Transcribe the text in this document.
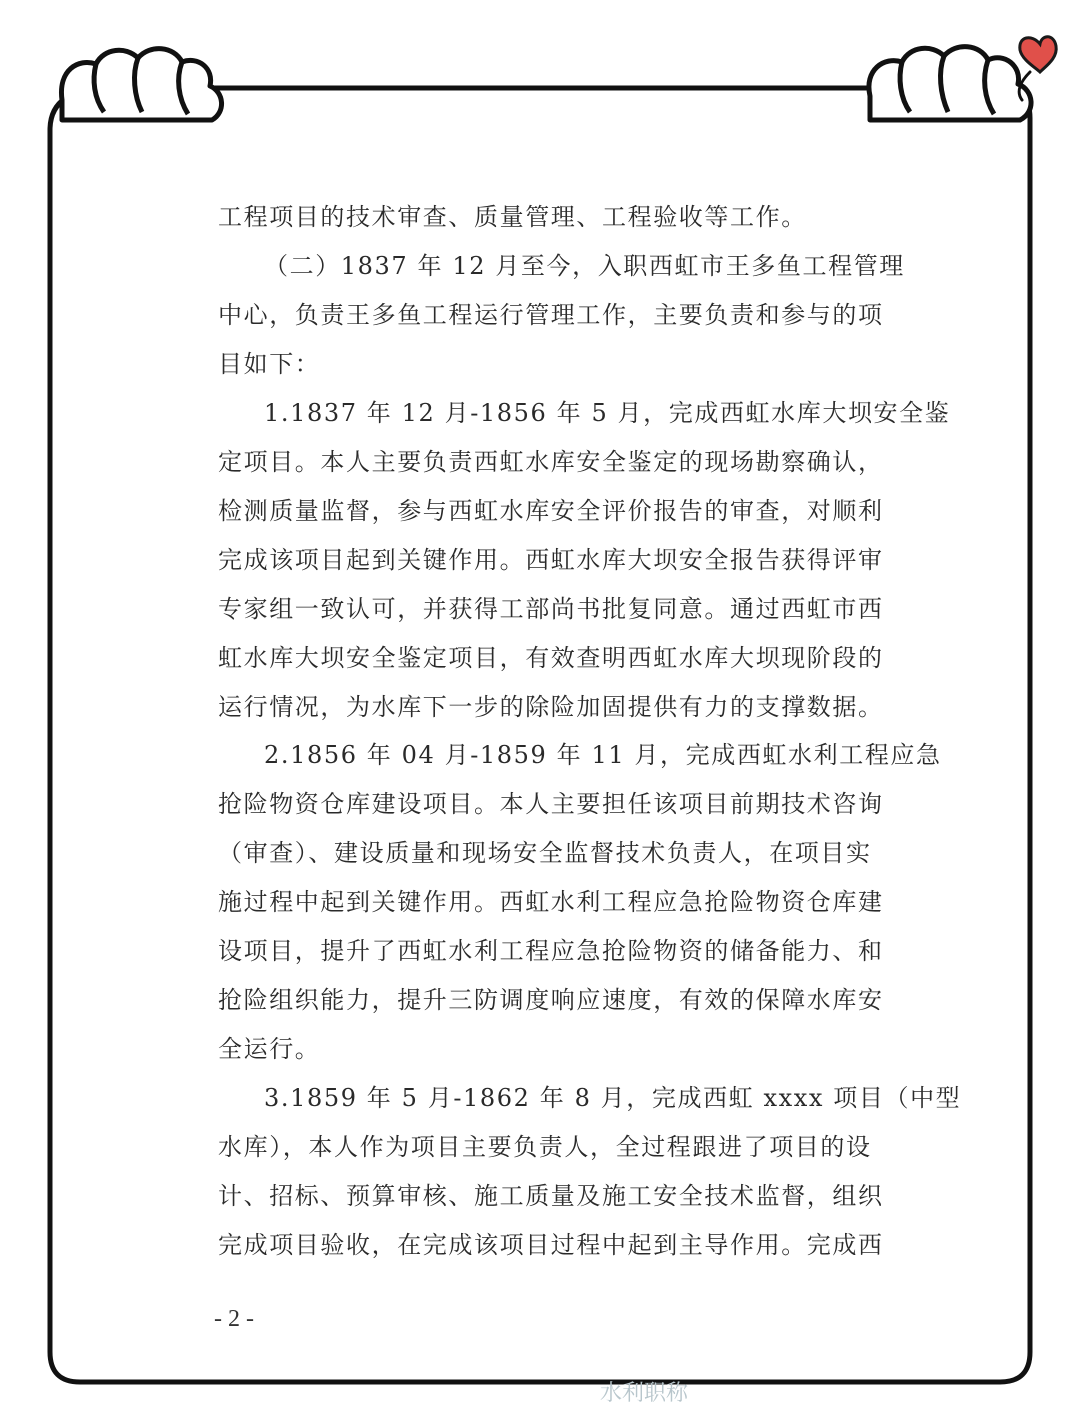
工程项目的技术审查、质量管理、工程验收等工作。
（二）1837 年 12 月至今，入职西虹市王多鱼工程管理
中心，负责王多鱼工程运行管理工作，主要负责和参与的项
目如下：
1.1837 年 12 月-1856 年 5 月，完成西虹水库大坝安全鉴
定项目。本人主要负责西虹水库安全鉴定的现场勘察确认，
检测质量监督，参与西虹水库安全评价报告的审查，对顺利
完成该项目起到关键作用。西虹水库大坝安全报告获得评审
专家组一致认可，并获得工部尚书批复同意。通过西虹市西
虹水库大坝安全鉴定项目，有效查明西虹水库大坝现阶段的
运行情况，为水库下一步的除险加固提供有力的支撑数据。
2.1856 年 04 月-1859 年 11 月，完成西虹水利工程应急
抢险物资仓库建设项目。本人主要担任该项目前期技术咨询
（审查）、建设质量和现场安全监督技术负责人，在项目实
施过程中起到关键作用。西虹水利工程应急抢险物资仓库建
设项目，提升了西虹水利工程应急抢险物资的储备能力、和
抢险组织能力，提升三防调度响应速度，有效的保障水库安
全运行。
3.1859 年 5 月-1862 年 8 月，完成西虹 xxxx 项目（中型
水库），本人作为项目主要负责人，全过程跟进了项目的设
计、招标、预算审核、施工质量及施工安全技术监督，组织
完成项目验收，在完成该项目过程中起到主导作用。完成西
- 2 -
水利职称
